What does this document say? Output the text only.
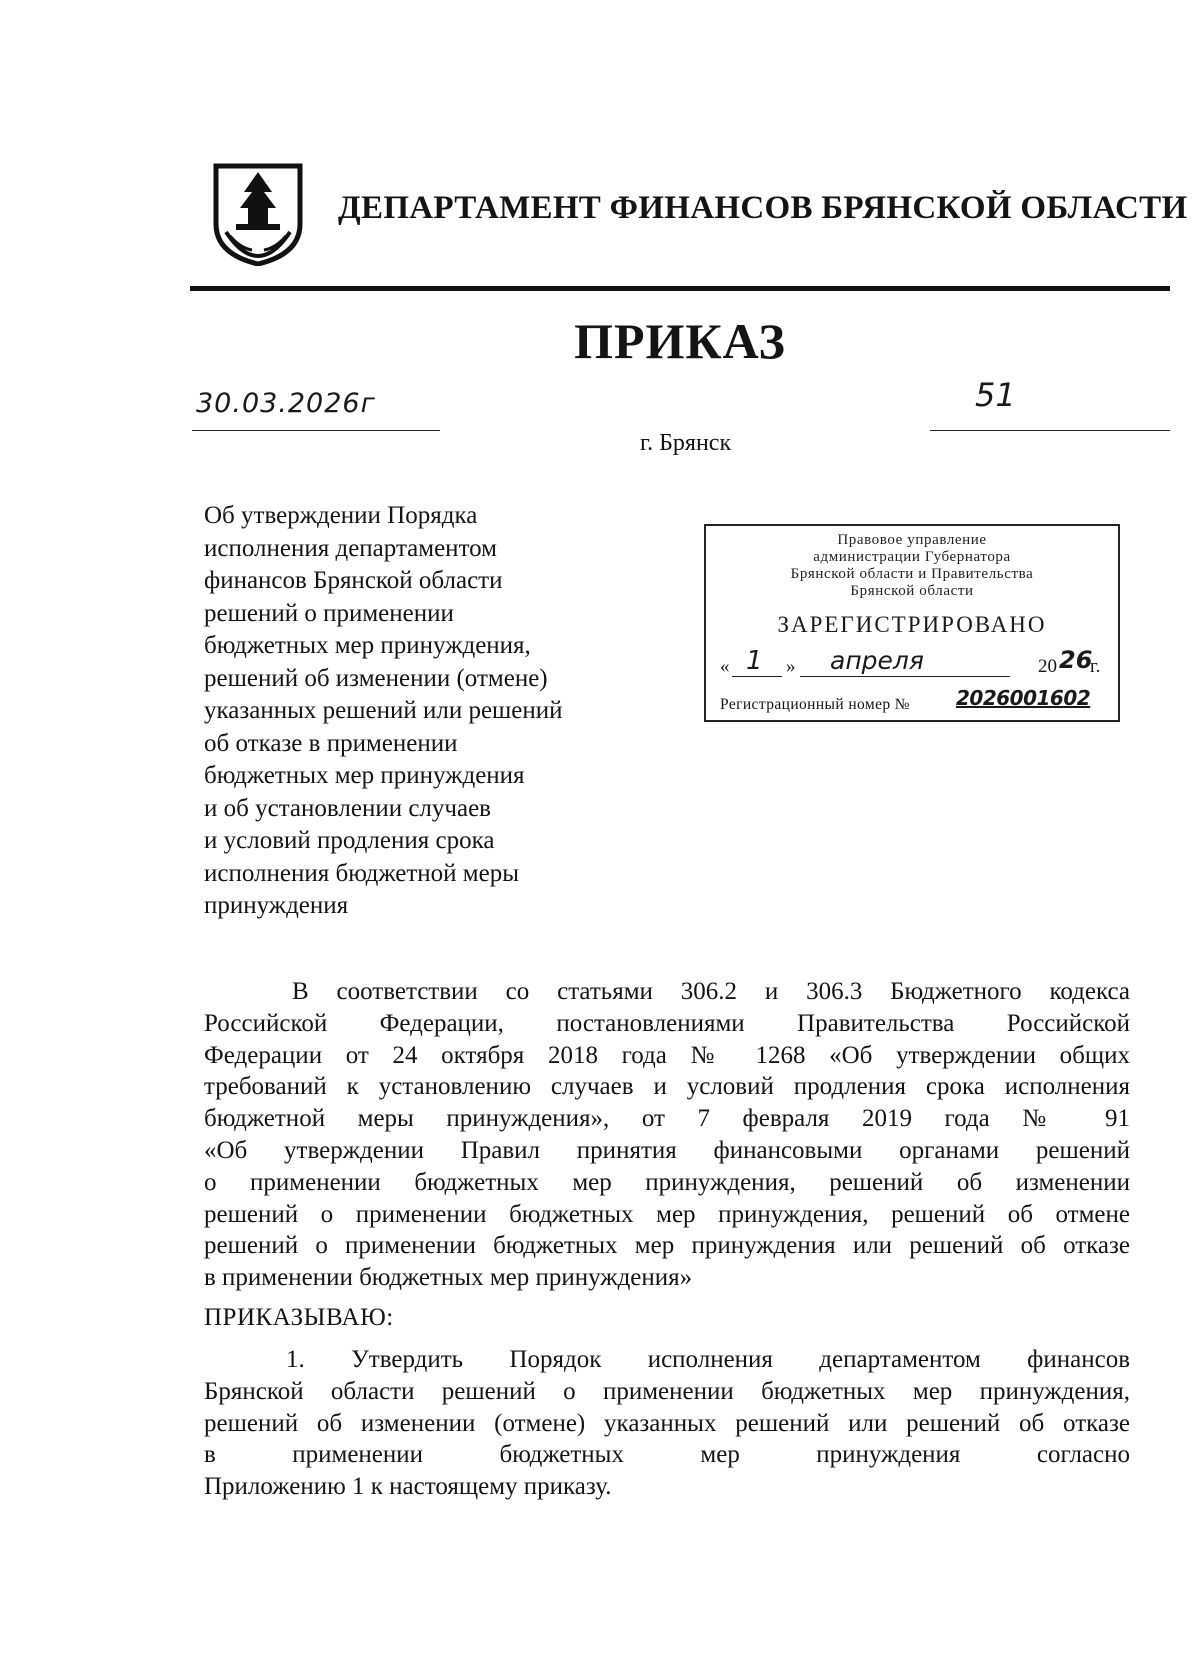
ДЕПАРТАМЕНТ ФИНАНСОВ БРЯНСКОЙ ОБЛАСТИ
ПРИКАЗ
30.03.2026г	51
г. Брянск
Об утверждении Порядка
исполнения департаментом
финансов Брянской области
решений о применении
бюджетных мер принуждения,
решений об изменении (отмене)
указанных решений или решений
об отказе в применении
бюджетных мер принуждения
и об установлении случаев
и условий продления срока
исполнения бюджетной меры
принуждения
Правовое управление
администрации Губернатора
Брянской области и Правительства
Брянской области
ЗАРЕГИСТРИРОВАНО
« 1 » апреля	20 26
г.
Регистрационный номер № 2026001602
В соответствии со статьями 306.2 и 306.3 Бюджетного кодекса
Российской Федерации, постановлениями Правительства Российской
Федерации от 24 октября 2018 года № 1268 «Об утверждении общих
требований к установлению случаев и условий продления срока исполнения
бюджетной меры принуждения», от 7 февраля 2019 года № 91
«Об утверждении Правил принятия финансовыми органами решений
о применении бюджетных мер принуждения, решений об изменении
решений о применении бюджетных мер принуждения, решений об отмене
решений о применении бюджетных мер принуждения или решений об отказе
в применении бюджетных мер принуждения»
ПРИКАЗЫВАЮ:
1. Утвердить Порядок исполнения департаментом финансов
Брянской области решений о применении бюджетных мер принуждения,
решений об изменении (отмене) указанных решений или решений об отказе
в применении бюджетных мер принуждения согласно
Приложению 1 к настоящему приказу.
